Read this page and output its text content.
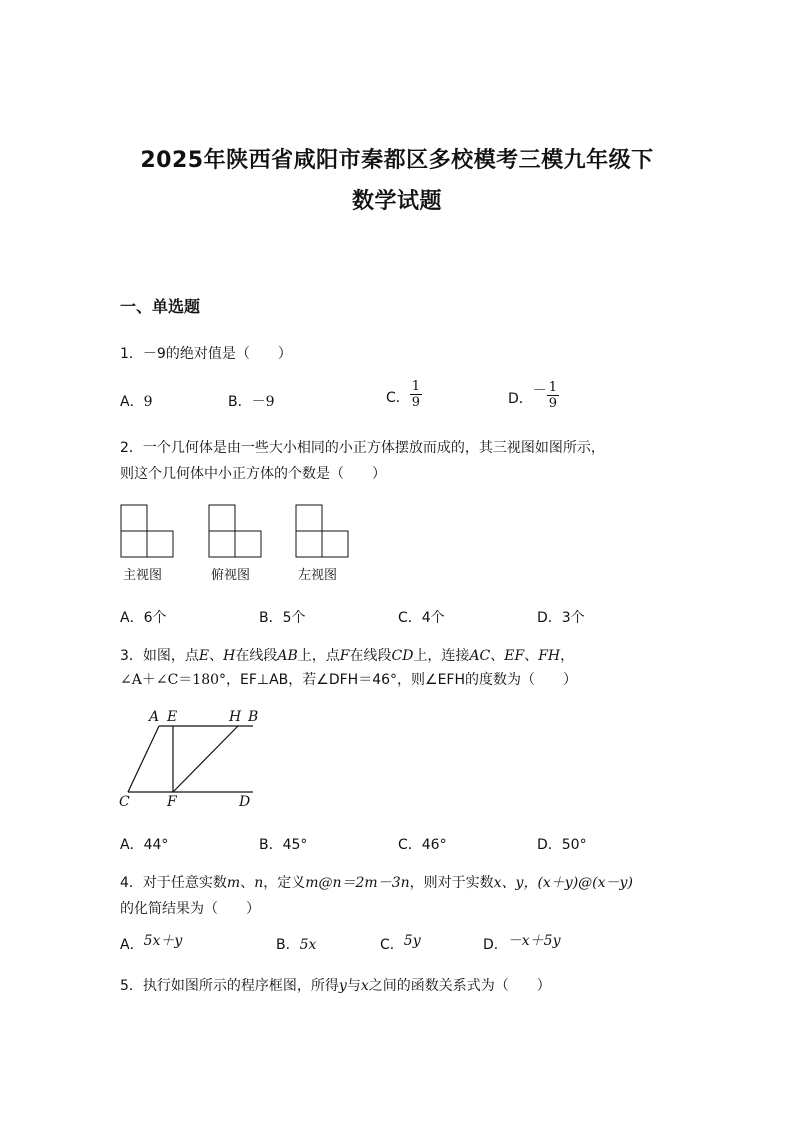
2025年陕西省咸阳市秦都区多校模考三模九年级下
数学试题
一、单选题
1．－9的绝对值是（　　）
A．9	B．－9	C． $\frac{1}{9}$	D． － $\frac{1}{9}$
2．一个几何体是由一些大小相同的小正方体摆放而成的，其三视图如图所示，
则这个几何体中小正方体的个数是（　　）
主视图	俯视图	左视图
A．6个	B．5个	C．4个	D．3个
3．如图，点E、H在线段AB上，点F在线段CD上，连接AC、EF、FH，
∠A＋∠C＝180°，EF⊥AB，若∠DFH＝46°，则∠EFH的度数为（　　）
A E	H B
C	F	D
A．44°	B．45°	C．46°	D．50°
4．对于任意实数m、n，定义m@n＝2m－3n，则对于实数x、y，(x＋y)@(x－y)
的化简结果为（　　）
A．5x＋y	B．5x	C．5y	D．－x＋5y
5．执行如图所示的程序框图，所得y与x之间的函数关系式为（　　）
